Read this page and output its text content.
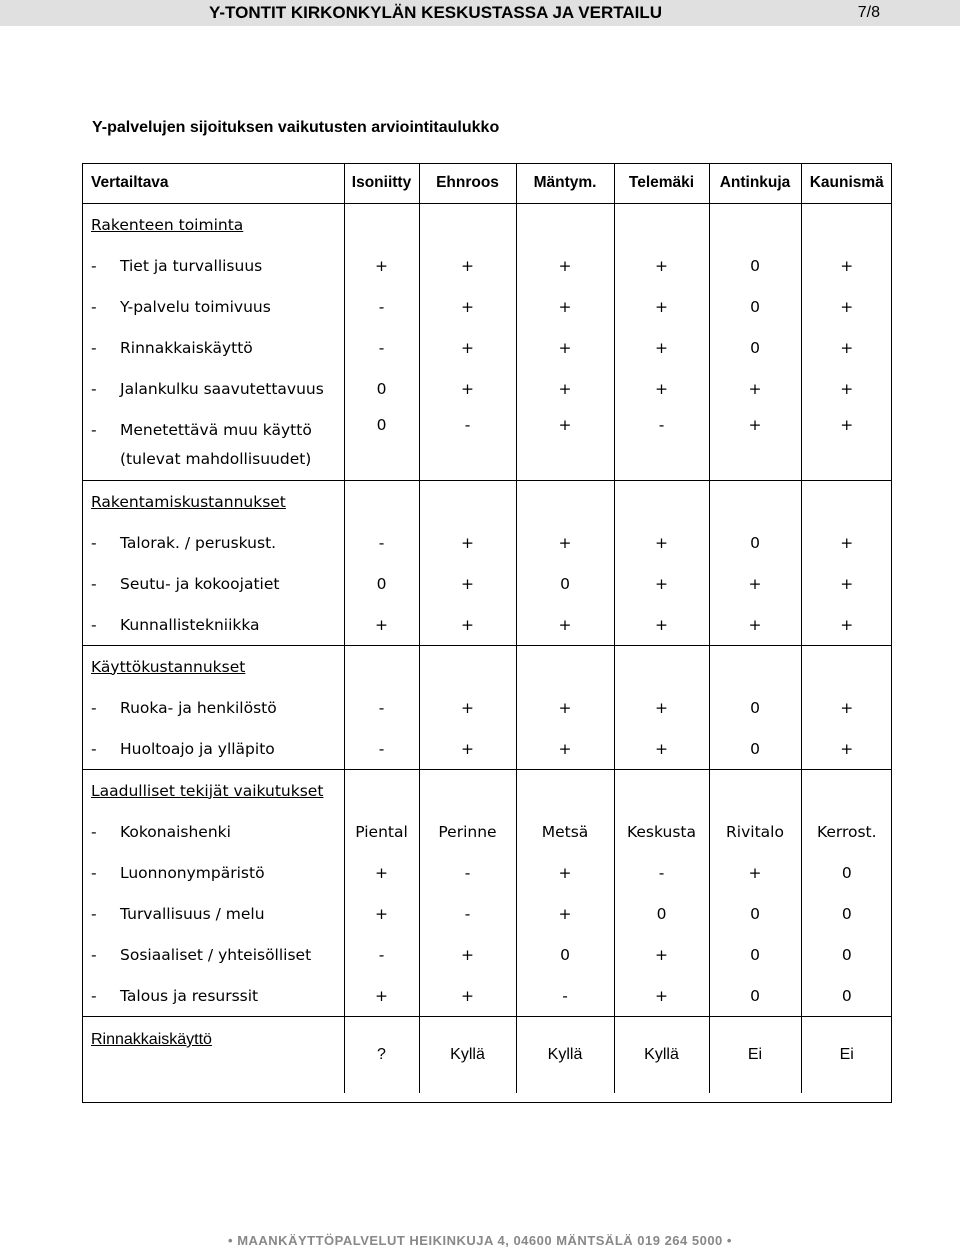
Y-TONTIT KIRKONKYLÄN KESKUSTASSA JA VERTAILU	7/8
Y-palvelujen sijoituksen vaikutusten arviointitaulukko
Vertailtava	Isoniitty	Ehnroos	Mäntym.	Telemäki	Antinkuja	Kaunismä
Rakenteen toiminta						
- Tiet ja turvallisuus	+	+	+	+	0	+
- Y-palvelu toimivuus	-	+	+	+	0	+
- Rinnakkaiskäyttö	-	+	+	+	0	+
- Jalankulku saavutettavuus	0	+	+	+	+	+
- Menetettävä muu käyttö
(tulevat mahdollisuudet)	0	-	+	-	+	+
Rakentamiskustannukset						
- Talorak. / peruskust.	-	+	+	+	0	+
- Seutu- ja kokoojatiet	0	+	0	+	+	+
- Kunnallistekniikka	+	+	+	+	+	+
Käyttökustannukset						
- Ruoka- ja henkilöstö	-	+	+	+	0	+
- Huoltoajo ja ylläpito	-	+	+	+	0	+
Laadulliset tekijät vaikutukset						
- Kokonaishenki	Piental	Perinne	Metsä	Keskusta	Rivitalo	Kerrost.
- Luonnonympäristö	+	-	+	-	+	0
- Turvallisuus / melu	+	-	+	0	0	0
- Sosiaaliset / yhteisölliset	-	+	0	+	0	0
- Talous ja resurssit	+	+	-	+	0	0
Rinnakkaiskäyttö	?	Kyllä	Kyllä	Kyllä	Ei	Ei
• MAANKÄYTTÖPALVELUT HEIKINKUJA 4, 04600 MÄNTSÄLÄ 019 264 5000 •
